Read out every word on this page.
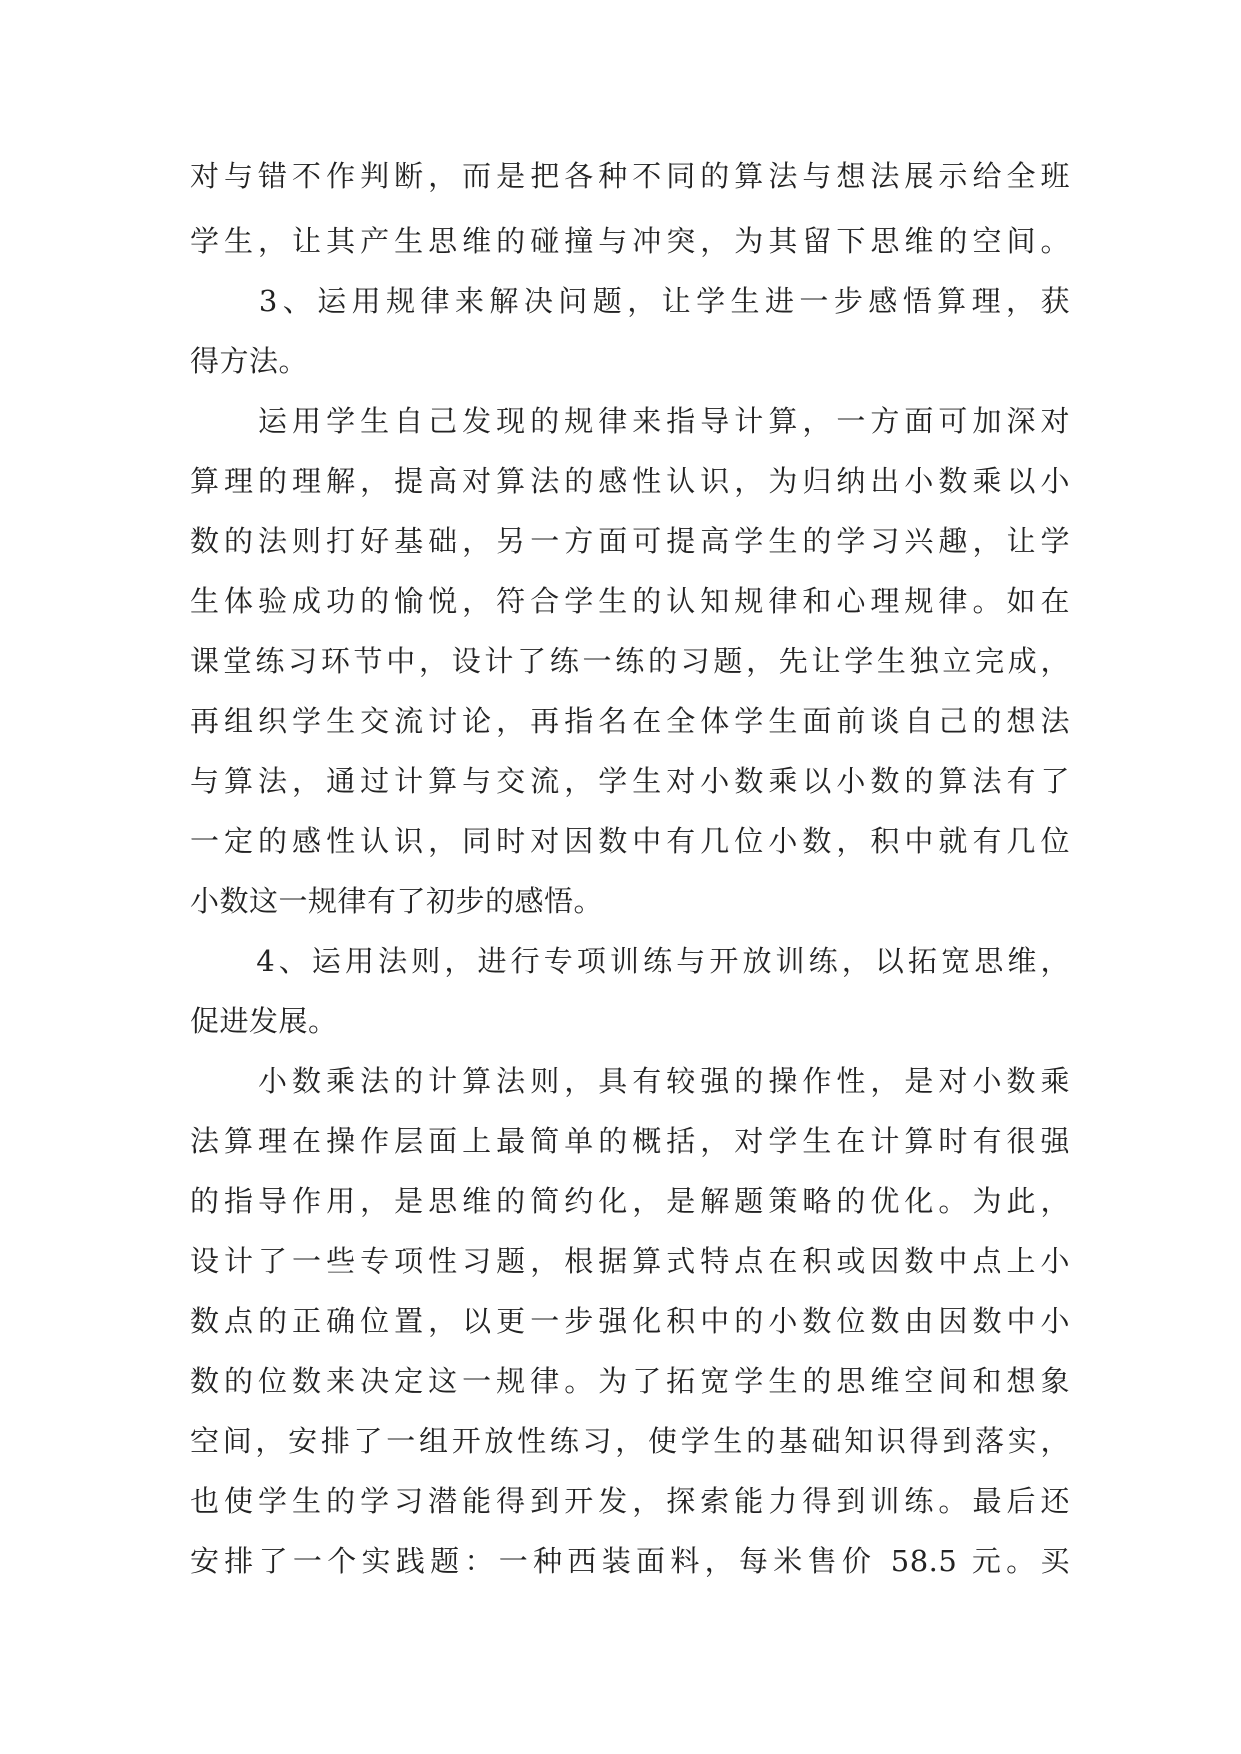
对与错不作判断，而是把各种不同的算法与想法展示给全班
学生，让其产生思维的碰撞与冲突，为其留下思维的空间。
　　3、运用规律来解决问题，让学生进一步感悟算理，获
得方法。
　　运用学生自己发现的规律来指导计算，一方面可加深对
算理的理解，提高对算法的感性认识，为归纳出小数乘以小
数的法则打好基础，另一方面可提高学生的学习兴趣，让学
生体验成功的愉悦，符合学生的认知规律和心理规律。如在
课堂练习环节中，设计了练一练的习题，先让学生独立完成，
再组织学生交流讨论，再指名在全体学生面前谈自己的想法
与算法，通过计算与交流，学生对小数乘以小数的算法有了
一定的感性认识，同时对因数中有几位小数，积中就有几位
小数这一规律有了初步的感悟。
　　4、运用法则，进行专项训练与开放训练，以拓宽思维，
促进发展。
　　小数乘法的计算法则，具有较强的操作性，是对小数乘
法算理在操作层面上最简单的概括，对学生在计算时有很强
的指导作用，是思维的简约化，是解题策略的优化。为此，
设计了一些专项性习题，根据算式特点在积或因数中点上小
数点的正确位置，以更一步强化积中的小数位数由因数中小
数的位数来决定这一规律。为了拓宽学生的思维空间和想象
空间，安排了一组开放性练习，使学生的基础知识得到落实，
也使学生的学习潜能得到开发，探索能力得到训练。最后还
安排了一个实践题：一种西装面料，每米售价 58.5 元。买
